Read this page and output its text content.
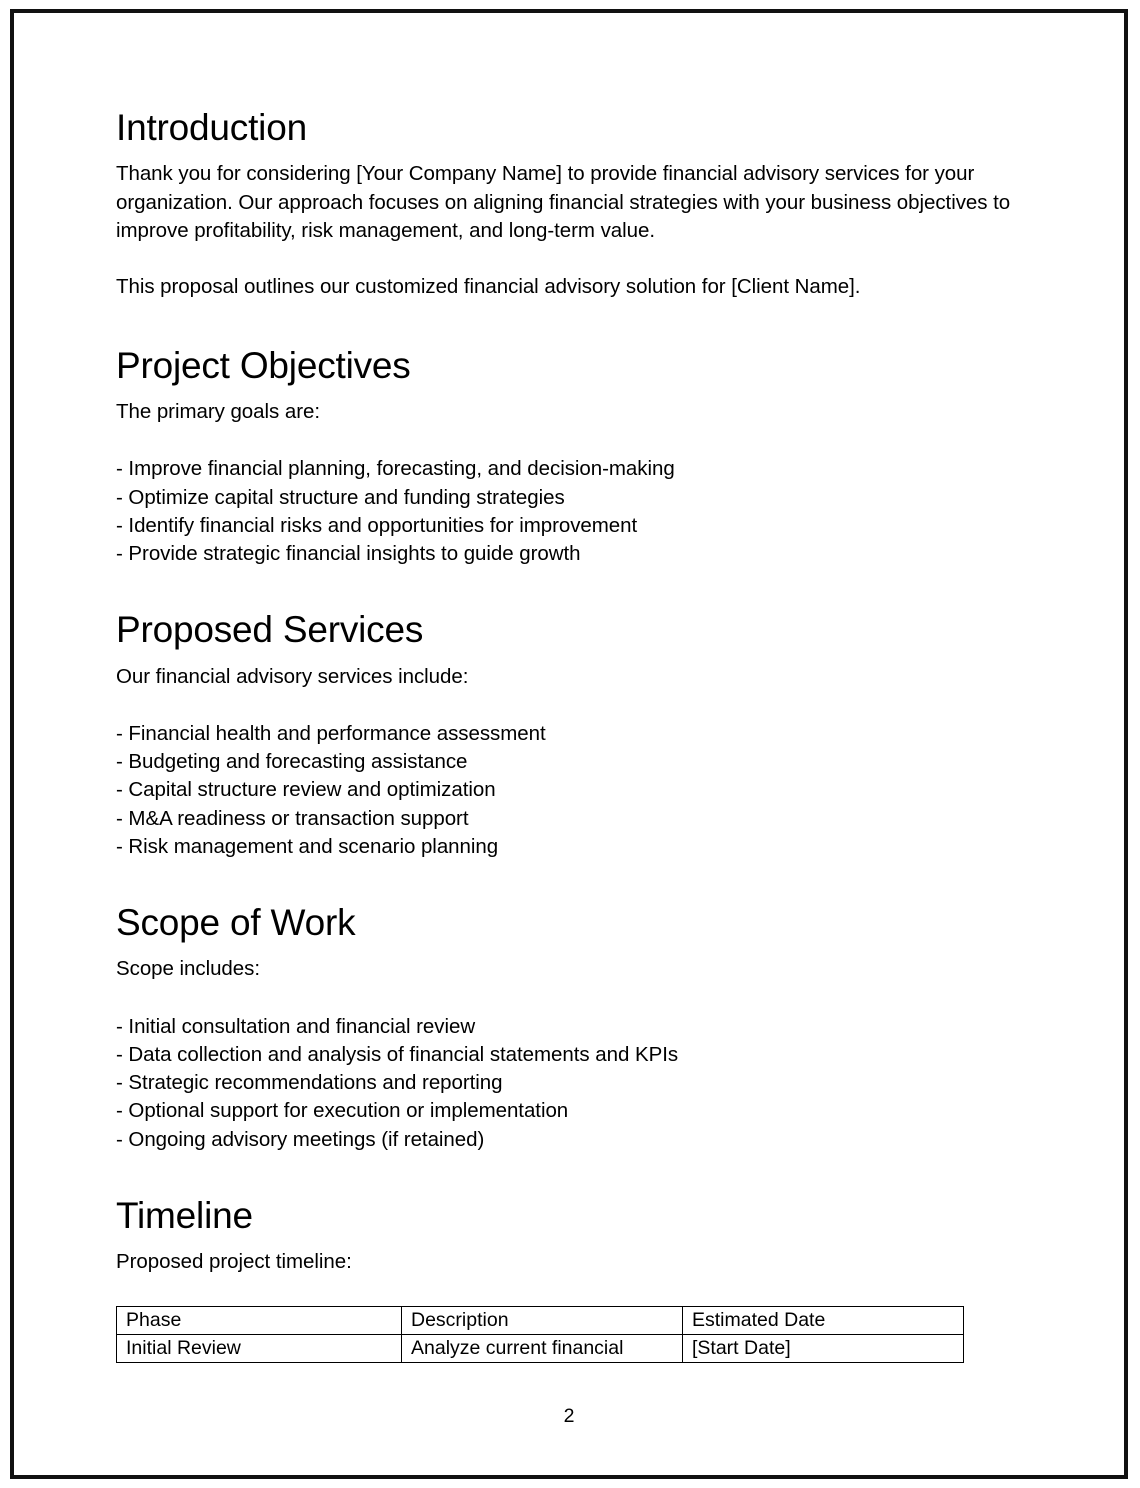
Introduction

Thank you for considering [Your Company Name] to provide financial advisory services for your organization. Our approach focuses on aligning financial strategies with your business objectives to improve profitability, risk management, and long-term value.

This proposal outlines our customized financial advisory solution for [Client Name].

Project Objectives

The primary goals are:

- Improve financial planning, forecasting, and decision-making
- Optimize capital structure and funding strategies
- Identify financial risks and opportunities for improvement
- Provide strategic financial insights to guide growth
Proposed Services

Our financial advisory services include:

- Financial health and performance assessment
- Budgeting and forecasting assistance
- Capital structure review and optimization
- M&A readiness or transaction support
- Risk management and scenario planning
Scope of Work

Scope includes:

- Initial consultation and financial review
- Data collection and analysis of financial statements and KPIs
- Strategic recommendations and reporting
- Optional support for execution or implementation
- Ongoing advisory meetings (if retained)
Timeline

Proposed project timeline:

Phase	Description	Estimated Date
Initial Review	Analyze current financial	[Start Date]
2
